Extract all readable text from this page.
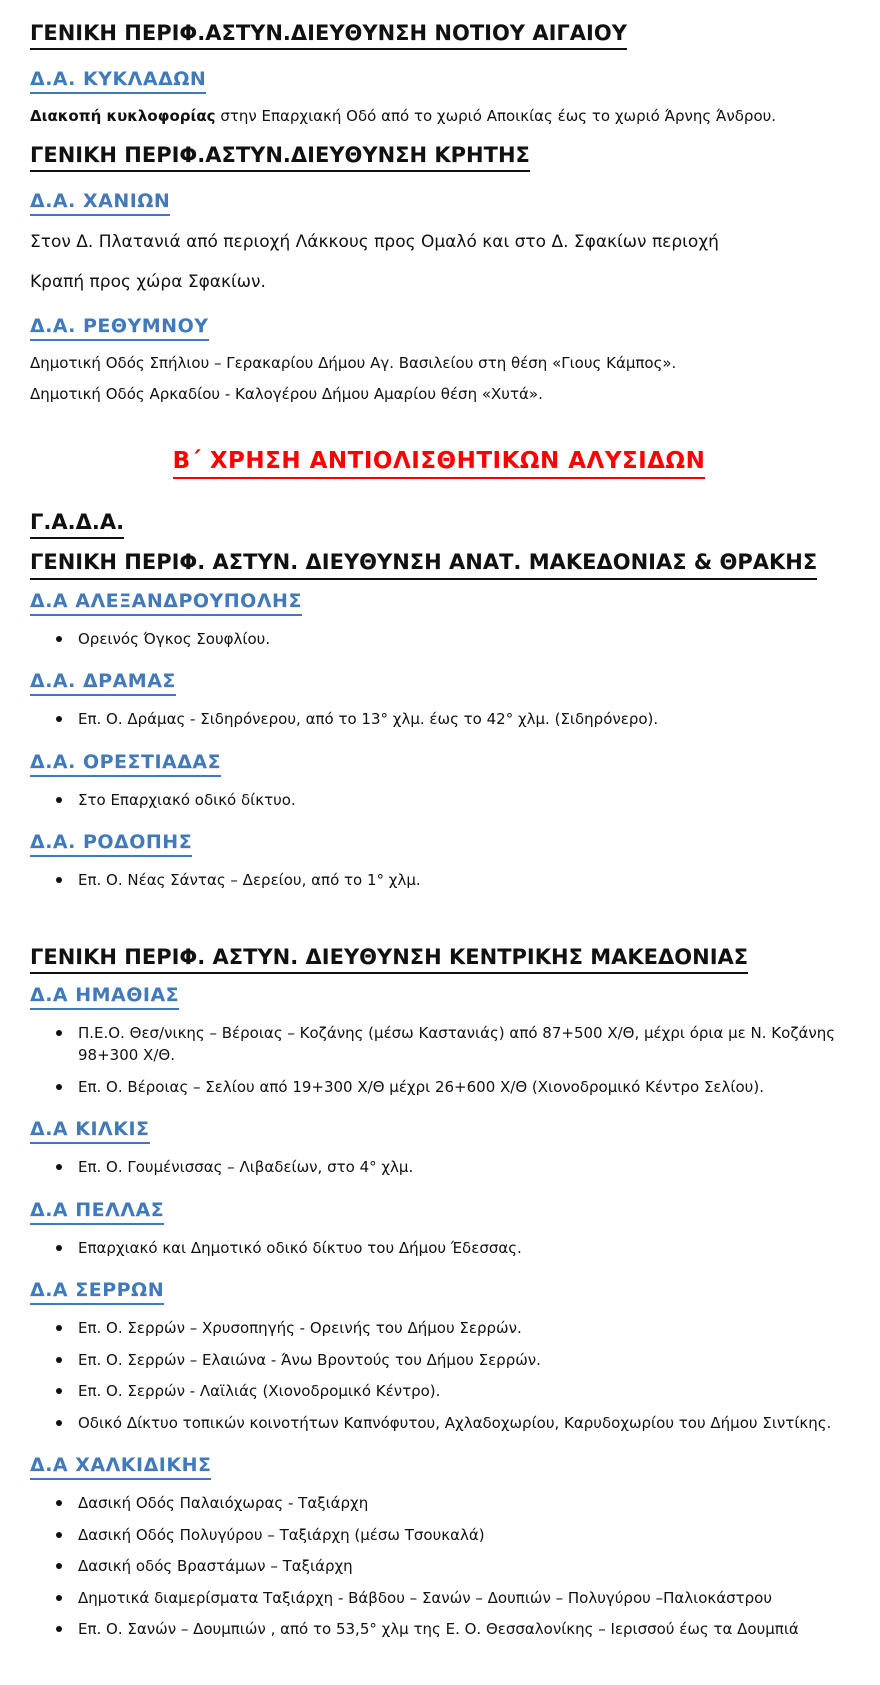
ΓΕΝΙΚΗ ΠΕΡΙΦ.ΑΣΤΥΝ.ΔΙΕΥΘΥΝΣΗ ΝΟΤΙΟΥ ΑΙΓΑΙΟΥ
Δ.Α. ΚΥΚΛΑΔΩΝ

Διακοπή κυκλοφορίας στην Επαρχιακή Οδό από το χωριό Αποικίας έως το χωριό Άρνης Άνδρου.

ΓΕΝΙΚΗ ΠΕΡΙΦ.ΑΣΤΥΝ.ΔΙΕΥΘΥΝΣΗ ΚΡΗΤΗΣ
Δ.Α. ΧΑΝΙΩΝ

Στον Δ. Πλατανιά από περιοχή Λάκκους προς Ομαλό και στο Δ. Σφακίων περιοχή

Κραπή προς χώρα Σφακίων.

Δ.Α. ΡΕΘΥΜΝΟΥ

Δημοτική Οδός Σπήλιου – Γερακαρίου Δήμου Αγ. Βασιλείου στη θέση «Γιους Κάμπος».

Δημοτική Οδός Αρκαδίου - Καλογέρου Δήμου Αμαρίου θέση «Χυτά».

Β΄ ΧΡΗΣΗ ΑΝΤΙΟΛΙΣΘΗΤΙΚΩΝ ΑΛΥΣΙΔΩΝ
Γ.Α.Δ.Α.
ΓΕΝΙΚΗ ΠΕΡΙΦ. ΑΣΤΥΝ. ΔΙΕΥΘΥΝΣΗ ΑΝΑΤ. ΜΑΚΕΔΟΝΙΑΣ & ΘΡΑΚΗΣ
Δ.Α ΑΛΕΞΑΝΔΡΟΥΠΟΛΗΣ
Ορεινός Όγκος Σουφλίου.
Δ.Α. ΔΡΑΜΑΣ
Επ. Ο. Δράμας - Σιδηρόνερου, από το 13° χλμ. έως το 42° χλμ. (Σιδηρόνερο).
Δ.Α. ΟΡΕΣΤΙΑΔΑΣ
Στο Επαρχιακό οδικό δίκτυο.
Δ.Α. ΡΟΔΟΠΗΣ
Επ. Ο. Νέας Σάντας – Δερείου, από το 1° χλμ.
ΓΕΝΙΚΗ ΠΕΡΙΦ. ΑΣΤΥΝ. ΔΙΕΥΘΥΝΣΗ ΚΕΝΤΡΙΚΗΣ ΜΑΚΕΔΟΝΙΑΣ
Δ.Α ΗΜΑΘΙΑΣ
Π.Ε.Ο. Θεσ/νικης – Βέροιας – Κοζάνης (μέσω Καστανιάς) από 87+500 Χ/Θ, μέχρι όρια με Ν. Κοζάνης 98+300 Χ/Θ.
Επ. Ο. Βέροιας – Σελίου από 19+300 Χ/Θ μέχρι 26+600 Χ/Θ (Χιονοδρομικό Κέντρο Σελίου).
Δ.Α ΚΙΛΚΙΣ
Επ. Ο. Γουμένισσας – Λιβαδείων, στο 4° χλμ.
Δ.Α ΠΕΛΛΑΣ
Επαρχιακό και Δημοτικό οδικό δίκτυο του Δήμου Έδεσσας.
Δ.Α ΣΕΡΡΩΝ
Επ. Ο. Σερρών – Χρυσοπηγής - Ορεινής του Δήμου Σερρών.
Επ. Ο. Σερρών – Ελαιώνα - Άνω Βροντούς του Δήμου Σερρών.
Επ. Ο. Σερρών - Λαϊλιάς (Χιονοδρομικό Κέντρο).
Οδικό Δίκτυο τοπικών κοινοτήτων Καπνόφυτου, Αχλαδοχωρίου, Καρυδοχωρίου του Δήμου Σιντίκης.
Δ.Α ΧΑΛΚΙΔΙΚΗΣ
Δασική Οδός Παλαιόχωρας - Ταξιάρχη
Δασική Οδός Πολυγύρου – Ταξιάρχη (μέσω Τσουκαλά)
Δασική οδός Βραστάμων – Ταξιάρχη
Δημοτικά διαμερίσματα Ταξιάρχη - Βάβδου – Σανών – Δουπιών – Πολυγύρου –Παλιοκάστρου
Επ. Ο. Σανών – Δουμπιών , από το 53,5° χλμ της Ε. Ο. Θεσσαλονίκης – Ιερισσού έως τα Δουμπιά
